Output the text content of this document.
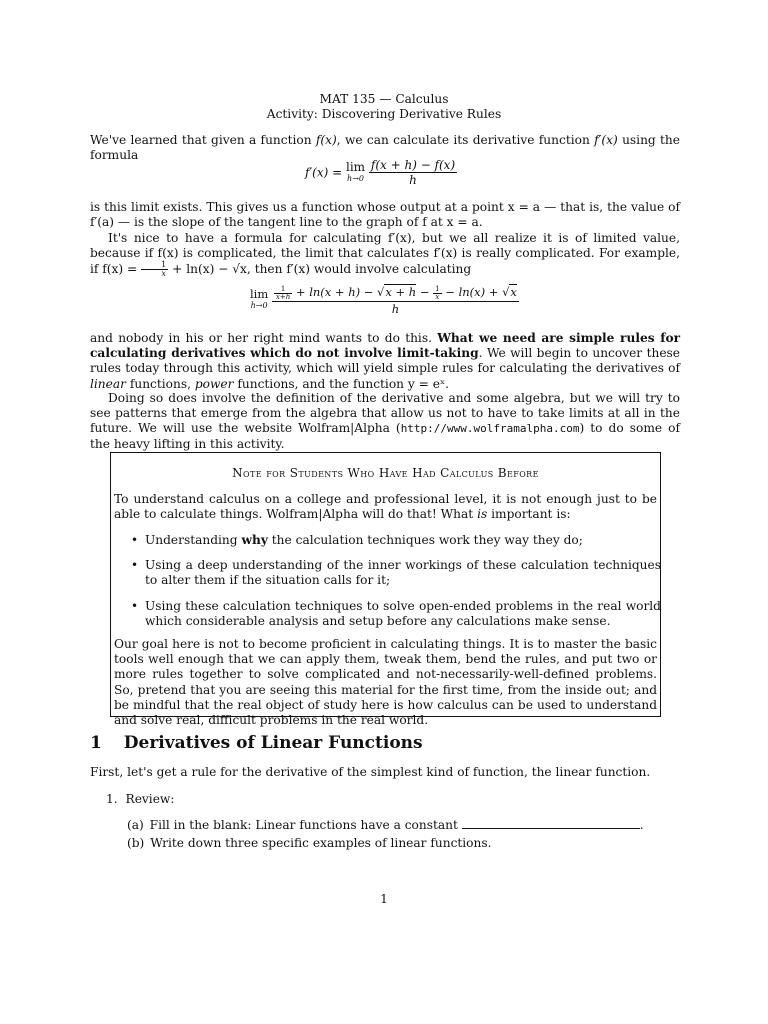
MAT 135 — Calculus
Activity: Discovering Derivative Rules

We've learned that given a function f(x), we can calculate its derivative function f′(x) using the formula

f′(x) = lim
h→0
$\frac{f(x + h) - f(x)}{h}$

is this limit exists. This gives us a function whose output at a point x = a — that is, the value of f′(a) — is the slope of the tangent line to the graph of f at x = a.

It's nice to have a formula for calculating f′(x), but we all realize it is of limited value, because if f(x) is complicated, the limit that calculates f′(x) is really complicated. For example, if $f(x) = \frac{1}{x} + \ln(x) - √x$, then f′(x) would involve calculating

lim
h→0

$\frac{1}{x+h} + \ln(x + h) - √x + h - \frac{1}{x} - \ln(x) + √x$
h

and nobody in his or her right mind wants to do this. What we need are simple rules for calculating derivatives which do not involve limit-taking. We will begin to uncover these rules today through this activity, which will yield simple rules for calculating the derivatives of linear functions, power functions, and the function y = eˣ.

Doing so does involve the definition of the derivative and some algebra, but we will try to see patterns that emerge from the algebra that allow us not to have to take limits at all in the future. We will use the website Wolfram|Alpha (http://www.wolframalpha.com) to do some of the heavy lifting in this activity.

Note for Students Who Have Had Calculus Before

To understand calculus on a college and professional level, it is not enough just to be able to calculate things. Wolfram|Alpha will do that! What is important is:

• Understanding why the calculation techniques work they way they do;
• Using a deep understanding of the inner workings of these calculation techniques to alter them if the situation calls for it;
• Using these calculation techniques to solve open-ended problems in the real world which considerable analysis and setup before any calculations make sense.

Our goal here is not to become proficient in calculating things. It is to master the basic tools well enough that we can apply them, tweak them, bend the rules, and put two or more rules together to solve complicated and not-necessarily-well-defined problems. So, pretend that you are seeing this material for the first time, from the inside out; and be mindful that the real object of study here is how calculus can be used to understand and solve real, difficult problems in the real world.

1 Derivatives of Linear Functions

First, let's get a rule for the derivative of the simplest kind of function, the linear function.

1. Review:
(a) Fill in the blank: Linear functions have a constant	.
(b) Write down three specific examples of linear functions.
1
